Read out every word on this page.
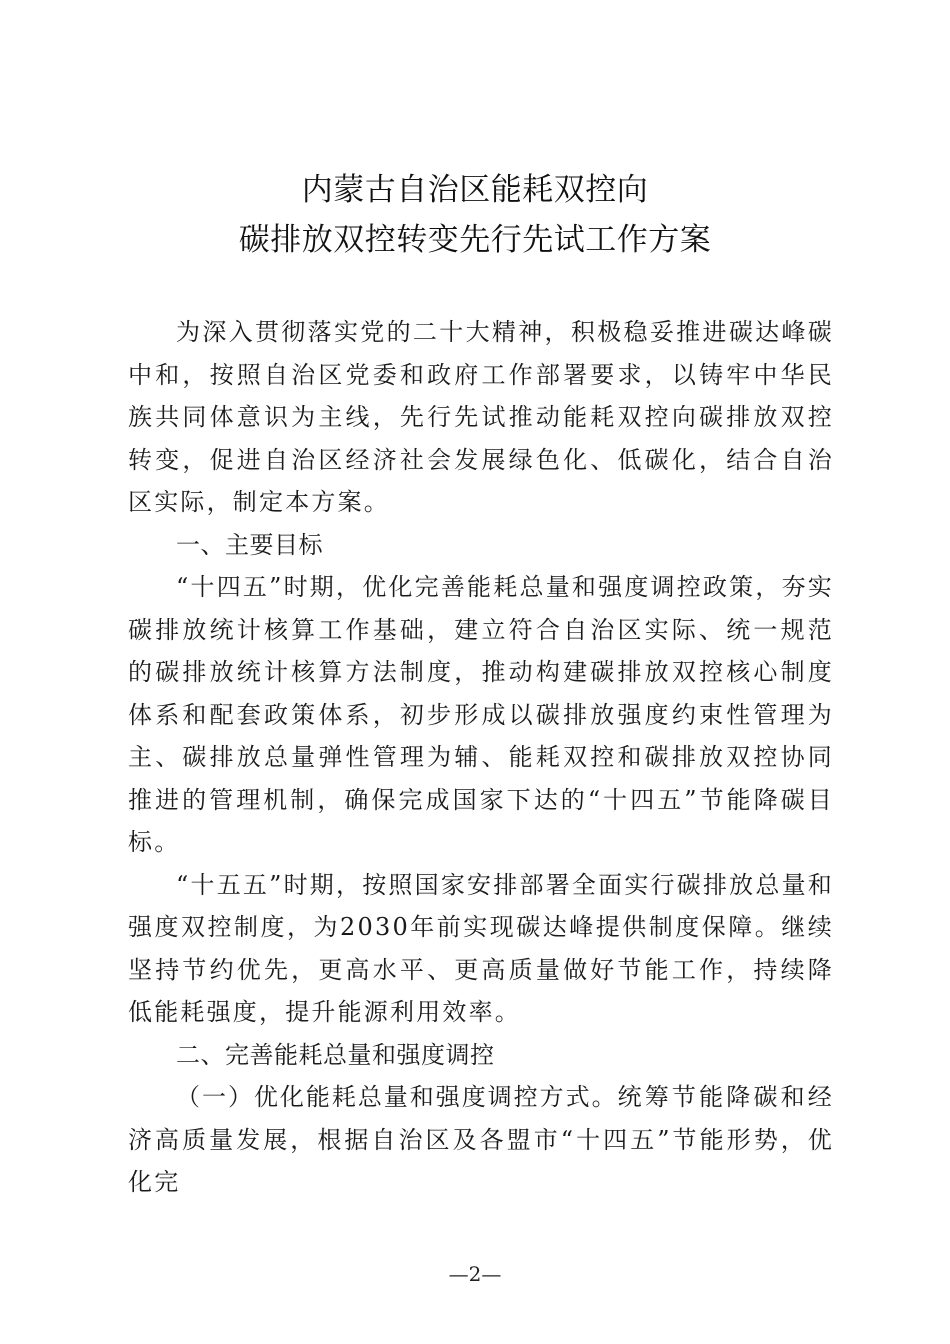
内蒙古自治区能耗双控向
碳排放双控转变先行先试工作方案

为深入贯彻落实党的二十大精神，积极稳妥推进碳达峰碳中和，按照自治区党委和政府工作部署要求，以铸牢中华民族共同体意识为主线，先行先试推动能耗双控向碳排放双控转变，促进自治区经济社会发展绿色化、低碳化，结合自治区实际，制定本方案。

一、主要目标

“十四五”时期，优化完善能耗总量和强度调控政策，夯实碳排放统计核算工作基础，建立符合自治区实际、统一规范的碳排放统计核算方法制度，推动构建碳排放双控核心制度体系和配套政策体系，初步形成以碳排放强度约束性管理为主、碳排放总量弹性管理为辅、能耗双控和碳排放双控协同推进的管理机制，确保完成国家下达的“十四五”节能降碳目标。

“十五五”时期，按照国家安排部署全面实行碳排放总量和强度双控制度，为2030年前实现碳达峰提供制度保障。继续坚持节约优先，更高水平、更高质量做好节能工作，持续降低能耗强度，提升能源利用效率。

二、完善能耗总量和强度调控

（一）优化能耗总量和强度调控方式。统筹节能降碳和经济高质量发展，根据自治区及各盟市“十四五”节能形势，优化完

—2—
